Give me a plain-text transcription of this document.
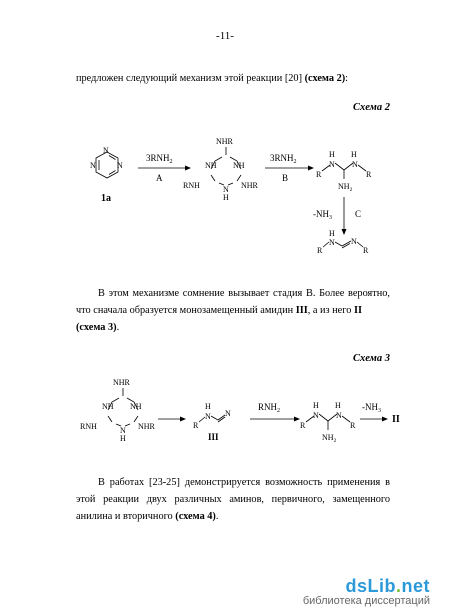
-11-
предложен следующий механизм этой реакции [20] (схема 2):
Схема 2
N
N	N
1a
$3RNH_2$
A
NHR
NH NH
RNH	NHR
N
H
$3RNH_2$
B	R
H
N
H
N
R
$NH_2$
$-NH_3$	C
R
H
N N
R
В этом механизме сомнение вызывает стадия B. Более вероятно, что сначала образуется монозамещенный амидин III, а из него II
(схема 3).
Схема 3
NHR
NH NH
RNH	NHR
N
H
R
H
N N
III
$RNH_2$
R
H
N
H
N
R
$NH_2$
$-NH_3$
II
В работах [23-25] демонстрируется возможность применения в этой реакции двух различных аминов, первичного, замещенного анилина и вторичного (схема 4).
dsLib.net
библиотека диссертаций
